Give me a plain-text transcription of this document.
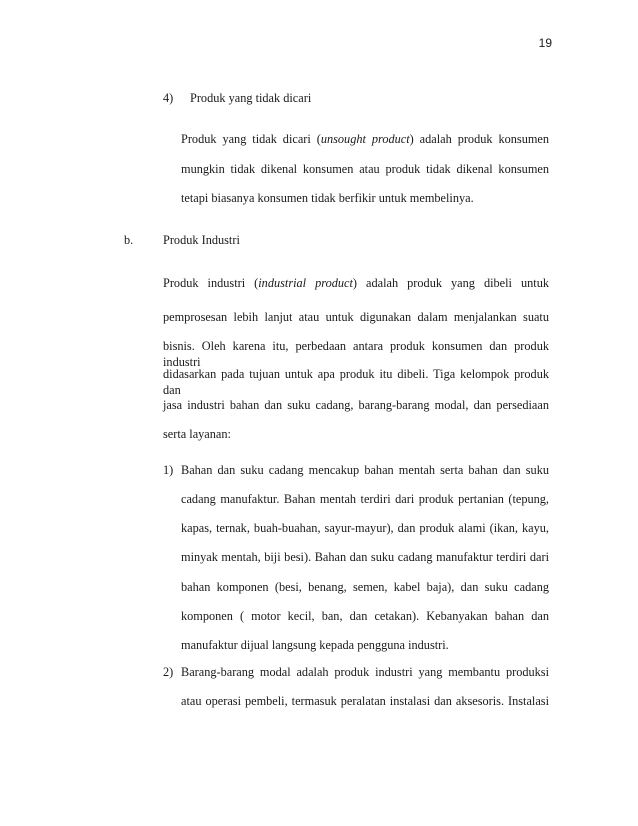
19
4) Produk yang tidak dicari
Produk yang tidak dicari (unsought product) adalah produk konsumen
mungkin tidak dikenal konsumen atau produk tidak dikenal konsumen
tetapi biasanya konsumen tidak berfikir untuk membelinya.
b. Produk Industri
Produk industri (industrial product) adalah produk yang dibeli untuk
pemprosesan lebih lanjut atau untuk digunakan dalam menjalankan suatu
bisnis. Oleh karena itu, perbedaan antara produk konsumen dan produk industri
didasarkan pada tujuan untuk apa produk itu dibeli. Tiga kelompok produk dan
jasa industri bahan dan suku cadang, barang-barang modal, dan persediaan
serta layanan:
1) Bahan dan suku cadang mencakup bahan mentah serta bahan dan suku
cadang manufaktur. Bahan mentah terdiri dari produk pertanian (tepung,
kapas, ternak, buah-buahan, sayur-mayur), dan produk alami (ikan, kayu,
minyak mentah, biji besi). Bahan dan suku cadang manufaktur terdiri dari
bahan komponen (besi, benang, semen, kabel baja), dan suku cadang
komponen ( motor kecil, ban, dan cetakan). Kebanyakan bahan dan
manufaktur dijual langsung kepada pengguna industri.
2) Barang-barang modal adalah produk industri yang membantu produksi
atau operasi pembeli, termasuk peralatan instalasi dan aksesoris. Instalasi
